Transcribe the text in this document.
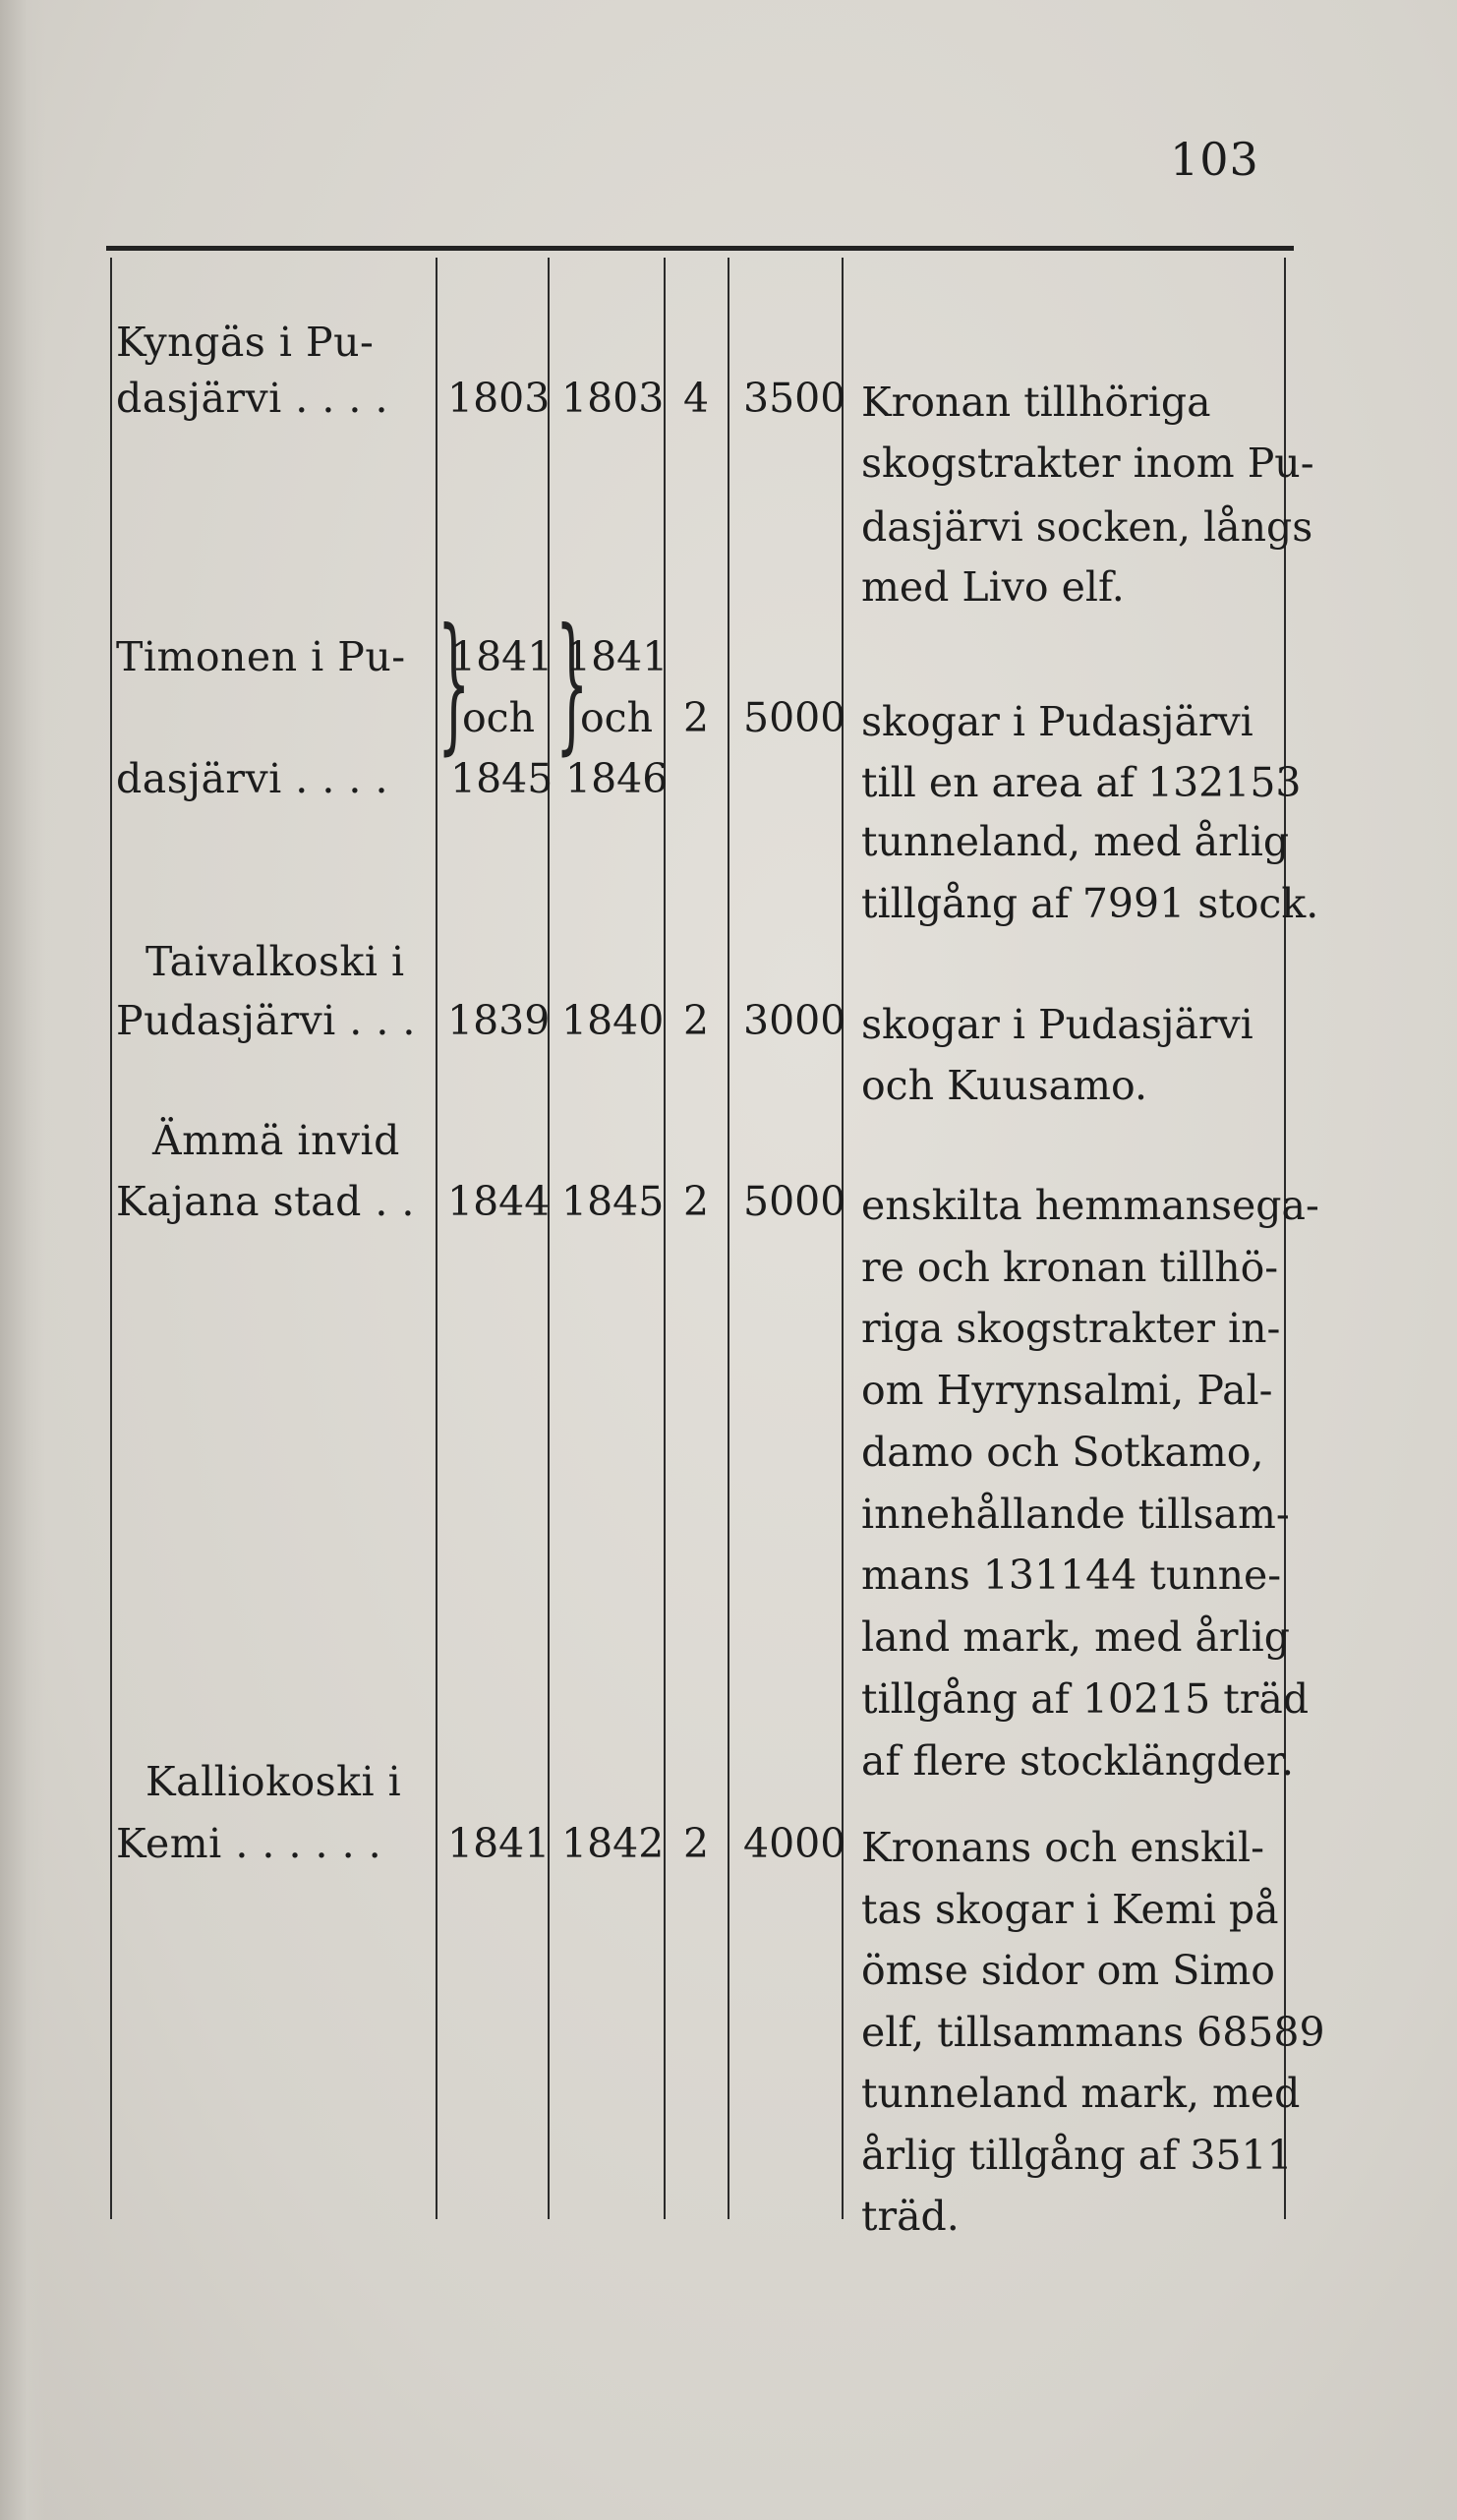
103
Kyngäs i Pu-
dasjärvi . . . . 1803 1803 4 3500 Kronan tillhöriga
skogstrakter inom Pu-
dasjärvi socken, långs
med Livo elf.
Timonen i Pu-
dasjärvi . . . .
}
1841
och
1845
}
1841
och
1846
2 5000 skogar i Pudasjärvi
till en area af 132153
tunneland, med årlig
tillgång af 7991 stock.
Taivalkoski i
Pudasjärvi . . . 1839 1840 2 3000 skogar i Pudasjärvi
och Kuusamo.
Ämmä invid
Kajana stad . . 1844 1845 2 5000 enskilta hemmansega-
re och kronan tillhö-
riga skogstrakter in-
om Hyrynsalmi, Pal-
damo och Sotkamo,
innehållande tillsam-
mans 131144 tunne-
land mark, med årlig
tillgång af 10215 träd
af flere stocklängder.
Kalliokoski i
Kemi . . . . . . 1841 1842 2 4000 Kronans och enskil-
tas skogar i Kemi på
ömse sidor om Simo
elf, tillsammans 68589
tunneland mark, med
årlig tillgång af 3511
träd.
